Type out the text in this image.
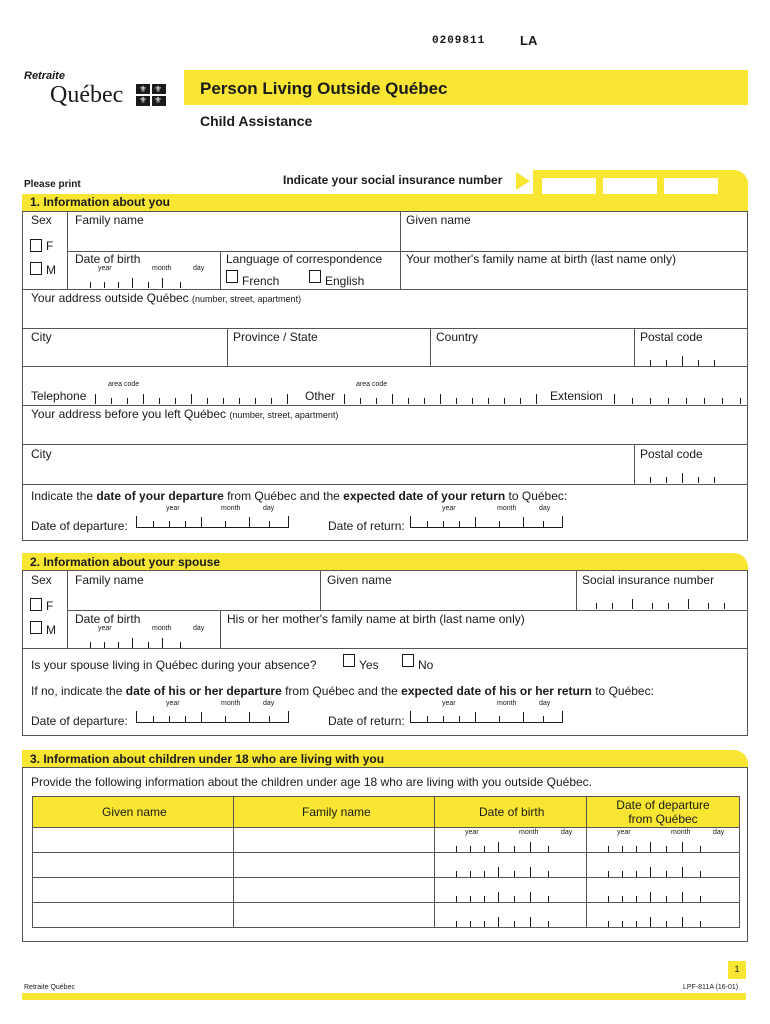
0209811	LA
Retraite
Québec ⚜ ⚜
⚜ ⚜
Person Living Outside Québec
Child Assistance
Please print	Indicate your social insurance number
1. Information about you
Sex Family name	Given name
F
M
Date of birth
year	month	day
Language of correspondence
French	English
Your mother's family name at birth (last name only)
Your address outside Québec (number, street, apartment)
City	Province / State	Country	Postal code
area code	area code
Telephone	Other	Extension
Your address before you left Québec (number, street, apartment)
City	Postal code
Indicate the date of your departure from Québec and the expected date of your return to Québec:
year	month	day
Date of departure:
year	month	day
Date of return:
2. Information about your spouse
Sex Family name	Given name	Social insurance number
F
M
Date of birth
year	month	day
His or her mother's family name at birth (last name only)
Is your spouse living in Québec during your absence?	Yes	No
If no, indicate the date of his or her departure from Québec and the expected date of his or her return to Québec:
year	month	day
Date of departure:
year	month	day
Date of return:
3. Information about children under 18 who are living with you
Provide the following information about the children under age 18 who are living with you outside Québec.
Given name	Family name	Date of birth	Date of departure
from Québec
year	month	day	year	month	day
1
Retraite Québec	LPF-811A (16-01)
